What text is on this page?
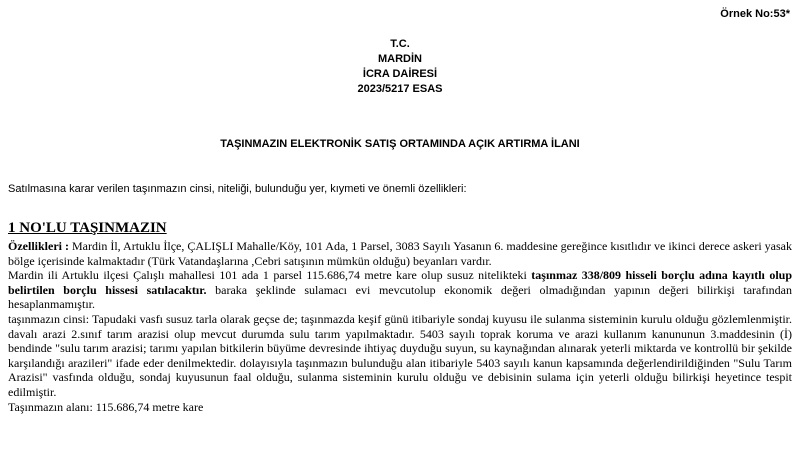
Örnek No:53*
T.C.
MARDİN
İCRA DAİRESİ
2023/5217 ESAS
TAŞINMAZIN ELEKTRONİK SATIŞ ORTAMINDA AÇIK ARTIRMA İLANI
Satılmasına karar verilen taşınmazın cinsi, niteliği, bulunduğu yer, kıymeti ve önemli özellikleri:
1 NO'LU TAŞINMAZIN

Özellikleri : Mardin İl, Artuklu İlçe, ÇALIŞLI Mahalle/Köy, 101 Ada, 1 Parsel, 3083 Sayılı Yasanın 6. maddesine gereğince kısıtlıdır ve ikinci derece askeri yasak bölge içerisinde kalmaktadır (Türk Vatandaşlarına ,Cebri satışının mümkün olduğu) beyanları vardır.

Mardin ili Artuklu ilçesi Çalışlı mahallesi 101 ada 1 parsel 115.686,74 metre kare olup susuz nitelikteki taşınmaz 338/809 hisseli borçlu adına kayıtlı olup belirtilen borçlu hissesi satılacaktır. baraka şeklinde sulamacı evi mevcutolup ekonomik değeri olmadığından yapının değeri bilirkişi tarafından hesaplanmamıştır.

taşınmazın cinsi: Tapudaki vasfı susuz tarla olarak geçse de; taşınmazda keşif günü itibariyle sondaj kuyusu ile sulanma sisteminin kurulu olduğu gözlemlenmiştir. davalı arazi 2.sınıf tarım arazisi olup mevcut durumda sulu tarım yapılmaktadır. 5403 sayılı toprak koruma ve arazi kullanım kanununun 3.maddesinin (İ) bendinde "sulu tarım arazisi; tarımı yapılan bitkilerin büyüme devresinde ihtiyaç duyduğu suyun, su kaynağından alınarak yeterli miktarda ve kontrollü bir şekilde karşılandığı arazileri" ifade eder denilmektedir. dolayısıyla taşınmazın bulunduğu alan itibariyle 5403 sayılı kanun kapsamında değerlendirildiğinden "Sulu Tarım Arazisi" vasfında olduğu, sondaj kuyusunun faal olduğu, sulanma sisteminin kurulu olduğu ve debisinin sulama için yeterli olduğu bilirkişi heyetince tespit edilmiştir.

Taşınmazın alanı: 115.686,74 metre kare
